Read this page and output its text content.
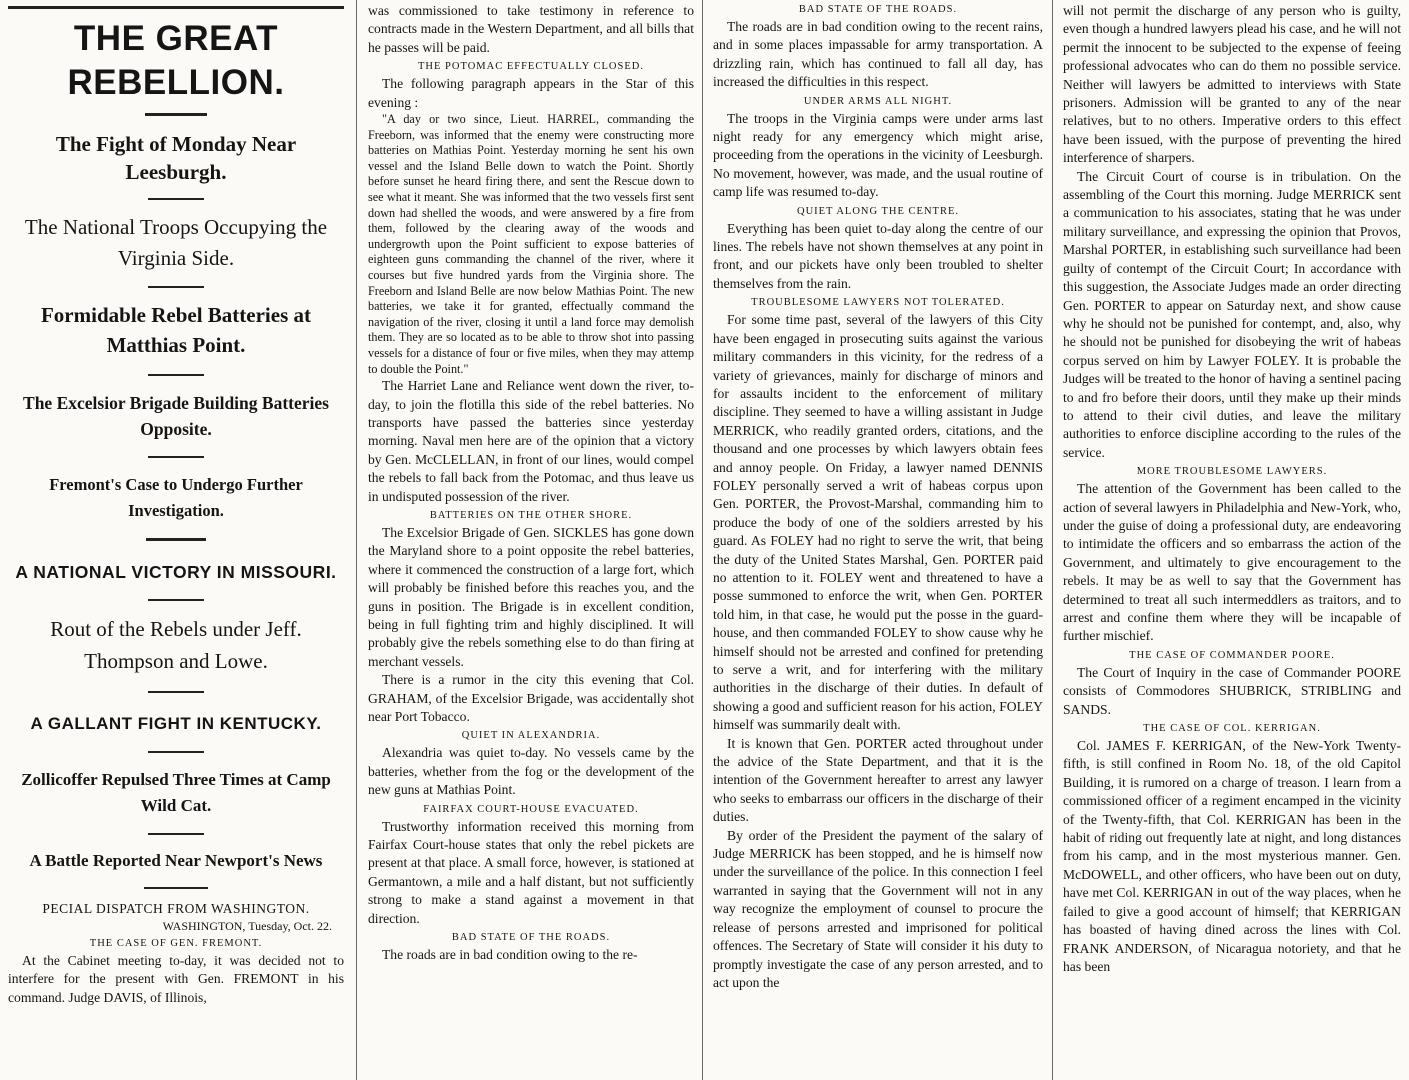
THE GREAT REBELLION.
The Fight of Monday Near Leesburgh.
The National Troops Occupying the Virginia Side.
Formidable Rebel Batteries at Matthias Point.
The Excelsior Brigade Building Batteries Opposite.
Fremont's Case to Undergo Further Investigation.
A NATIONAL VICTORY IN MISSOURI.
Rout of the Rebels under Jeff. Thompson and Lowe.
A GALLANT FIGHT IN KENTUCKY.
Zollicoffer Repulsed Three Times at Camp Wild Cat.
A Battle Reported Near Newport's News

PECIAL DISPATCH FROM WASHINGTON.

WASHINGTON, Tuesday, Oct. 22.

THE CASE OF GEN. FREMONT.

At the Cabinet meeting to-day, it was decided not to interfere for the present with Gen. FREMONT in his command. Judge DAVIS, of Illinois,

was commissioned to take testimony in reference to contracts made in the Western Department, and all bills that he passes will be paid.

THE POTOMAC EFFECTUALLY CLOSED.

The following paragraph appears in the Star of this evening :

"A day or two since, Lieut. HARREL, commanding the Freeborn, was informed that the enemy were constructing more batteries on Mathias Point. Yesterday morning he sent his own vessel and the Island Belle down to watch the Point. Shortly before sunset he heard firing there, and sent the Rescue down to see what it meant. She was informed that the two vessels first sent down had shelled the woods, and were answered by a fire from them, followed by the clearing away of the woods and undergrowth upon the Point sufficient to expose batteries of eighteen guns commanding the channel of the river, where it courses but five hundred yards from the Virginia shore. The Freeborn and Island Belle are now below Mathias Point. The new batteries, we take it for granted, effectually command the navigation of the river, closing it until a land force may demolish them. They are so located as to be able to throw shot into passing vessels for a distance of four or five miles, when they may attemp to double the Point."

The Harriet Lane and Reliance went down the river, to-day, to join the flotilla this side of the rebel batteries. No transports have passed the batteries since yesterday morning. Naval men here are of the opinion that a victory by Gen. McCLELLAN, in front of our lines, would compel the rebels to fall back from the Potomac, and thus leave us in undisputed possession of the river.

BATTERIES ON THE OTHER SHORE.

The Excelsior Brigade of Gen. SICKLES has gone down the Maryland shore to a point opposite the rebel batteries, where it commenced the construction of a large fort, which will probably be finished before this reaches you, and the guns in position. The Brigade is in excellent condition, being in full fighting trim and highly disciplined. It will probably give the rebels something else to do than firing at merchant vessels.

There is a rumor in the city this evening that Col. GRAHAM, of the Excelsior Brigade, was accidentally shot near Port Tobacco.

QUIET IN ALEXANDRIA.

Alexandria was quiet to-day. No vessels came by the batteries, whether from the fog or the development of the new guns at Mathias Point.

FAIRFAX COURT-HOUSE EVACUATED.

Trustworthy information received this morning from Fairfax Court-house states that only the rebel pickets are present at that place. A small force, however, is stationed at Germantown, a mile and a half distant, but not sufficiently strong to make a stand against a movement in that direction.

BAD STATE OF THE ROADS.

The roads are in bad condition owing to the re-

BAD STATE OF THE ROADS.

The roads are in bad condition owing to the recent rains, and in some places impassable for army transportation. A drizzling rain, which has continued to fall all day, has increased the difficulties in this respect.

UNDER ARMS ALL NIGHT.

The troops in the Virginia camps were under arms last night ready for any emergency which might arise, proceeding from the operations in the vicinity of Leesburgh. No movement, however, was made, and the usual routine of camp life was resumed to-day.

QUIET ALONG THE CENTRE.

Everything has been quiet to-day along the centre of our lines. The rebels have not shown themselves at any point in front, and our pickets have only been troubled to shelter themselves from the rain.

TROUBLESOME LAWYERS NOT TOLERATED.

For some time past, several of the lawyers of this City have been engaged in prosecuting suits against the various military commanders in this vicinity, for the redress of a variety of grievances, mainly for discharge of minors and for assaults incident to the enforcement of military discipline. They seemed to have a willing assistant in Judge MERRICK, who readily granted orders, citations, and the thousand and one processes by which lawyers obtain fees and annoy people. On Friday, a lawyer named DENNIS FOLEY personally served a writ of habeas corpus upon Gen. PORTER, the Provost-Marshal, commanding him to produce the body of one of the soldiers arrested by his guard. As FOLEY had no right to serve the writ, that being the duty of the United States Marshal, Gen. PORTER paid no attention to it. FOLEY went and threatened to have a posse summoned to enforce the writ, when Gen. PORTER told him, in that case, he would put the posse in the guard-house, and then commanded FOLEY to show cause why he himself should not be arrested and confined for pretending to serve a writ, and for interfering with the military authorities in the discharge of their duties. In default of showing a good and sufficient reason for his action, FOLEY himself was summarily dealt with.

It is known that Gen. PORTER acted throughout under the advice of the State Department, and that it is the intention of the Government hereafter to arrest any lawyer who seeks to embarrass our officers in the discharge of their duties.

By order of the President the payment of the salary of Judge MERRICK has been stopped, and he is himself now under the surveillance of the police. In this connection I feel warranted in saying that the Government will not in any way recognize the employment of counsel to procure the release of persons arrested and imprisoned for political offences. The Secretary of State will consider it his duty to promptly investigate the case of any person arrested, and to act upon the

will not permit the discharge of any person who is guilty, even though a hundred lawyers plead his case, and he will not permit the innocent to be subjected to the expense of feeing professional advocates who can do them no possible service. Neither will lawyers be admitted to interviews with State prisoners. Admission will be granted to any of the near relatives, but to no others. Imperative orders to this effect have been issued, with the purpose of preventing the hired interference of sharpers.

The Circuit Court of course is in tribulation. On the assembling of the Court this morning. Judge MERRICK sent a communication to his associates, stating that he was under military surveillance, and expressing the opinion that Provos, Marshal PORTER, in establishing such surveillance had been guilty of contempt of the Circuit Court; In accordance with this suggestion, the Associate Judges made an order directing Gen. PORTER to appear on Saturday next, and show cause why he should not be punished for contempt, and, also, why he should not be punished for disobeying the writ of habeas corpus served on him by Lawyer FOLEY. It is probable the Judges will be treated to the honor of having a sentinel pacing to and fro before their doors, until they make up their minds to attend to their civil duties, and leave the military authorities to enforce discipline according to the rules of the service.

MORE TROUBLESOME LAWYERS.

The attention of the Government has been called to the action of several lawyers in Philadelphia and New-York, who, under the guise of doing a professional duty, are endeavoring to intimidate the officers and so embarrass the action of the Government, and ultimately to give encouragement to the rebels. It may be as well to say that the Government has determined to treat all such intermeddlers as traitors, and to arrest and confine them where they will be incapable of further mischief.

THE CASE OF COMMANDER POORE.

The Court of Inquiry in the case of Commander POORE consists of Commodores SHUBRICK, STRIBLING and SANDS.

THE CASE OF COL. KERRIGAN.

Col. JAMES F. KERRIGAN, of the New-York Twenty-fifth, is still confined in Room No. 18, of the old Capitol Building, it is rumored on a charge of treason. I learn from a commissioned officer of a regiment encamped in the vicinity of the Twenty-fifth, that Col. KERRIGAN has been in the habit of riding out frequently late at night, and long distances from his camp, and in the most mysterious manner. Gen. McDOWELL, and other officers, who have been out on duty, have met Col. KERRIGAN in out of the way places, when he failed to give a good account of himself; that KERRIGAN has boasted of having dined across the lines with Col. FRANK ANDERSON, of Nicaragua notoriety, and that he has been
